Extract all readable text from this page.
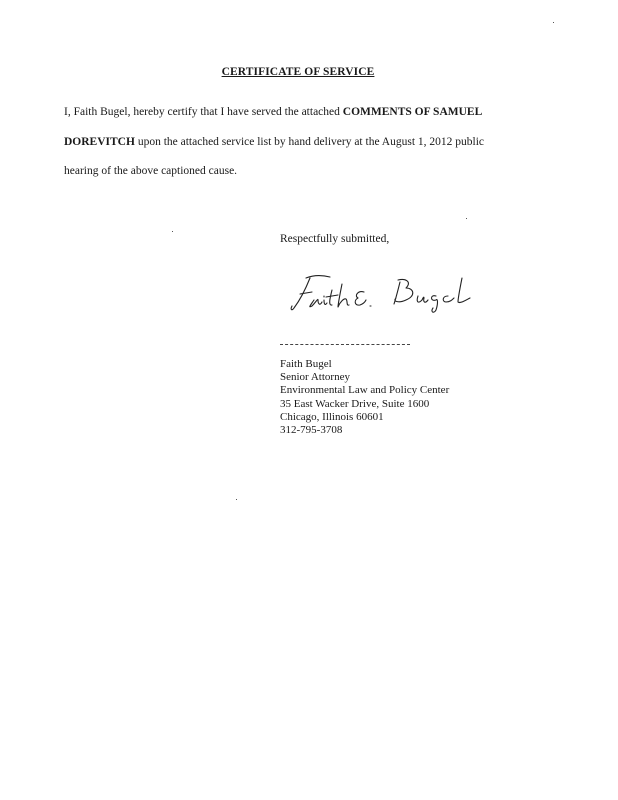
CERTIFICATE OF SERVICE
I, Faith Bugel, hereby certify that I have served the attached COMMENTS OF SAMUEL
DOREVITCH upon the attached service list by hand delivery at the August 1, 2012 public
hearing of the above captioned cause.
Respectfully submitted,
Faith Bugel
Senior Attorney
Environmental Law and Policy Center
35 East Wacker Drive, Suite 1600
Chicago, Illinois 60601
312-795-3708
